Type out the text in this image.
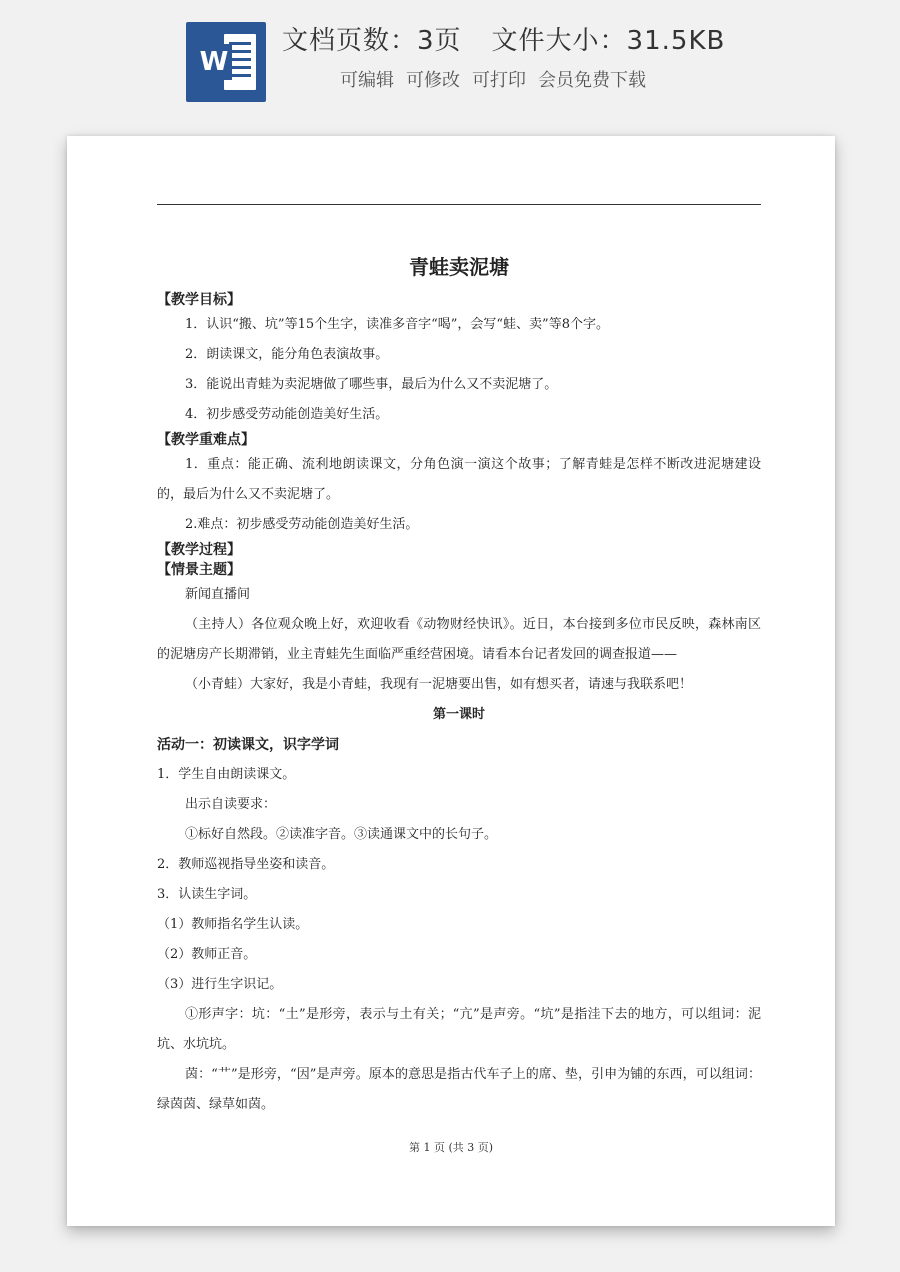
W
文档页数：3页 文件大小：31.5KB
可编辑 可修改 可打印 会员免费下载
青蛙卖泥塘

【教学目标】

1．认识“搬、坑”等15个生字，读准多音字“喝”，会写“蛙、卖”等8个字。

2．朗读课文，能分角色表演故事。

3．能说出青蛙为卖泥塘做了哪些事，最后为什么又不卖泥塘了。

4．初步感受劳动能创造美好生活。

【教学重难点】

1．重点：能正确、流利地朗读课文，分角色演一演这个故事；了解青蛙是怎样不断改进泥塘建设的，最后为什么又不卖泥塘了。

2.难点：初步感受劳动能创造美好生活。

【教学过程】

【情景主题】

新闻直播间

（主持人）各位观众晚上好，欢迎收看《动物财经快讯》。近日，本台接到多位市民反映，森林南区的泥塘房产长期滞销，业主青蛙先生面临严重经营困境。请看本台记者发回的调查报道——

（小青蛙）大家好，我是小青蛙，我现有一泥塘要出售，如有想买者，请速与我联系吧！

第一课时

活动一：初读课文，识字学词

1．学生自由朗读课文。

出示自读要求：

①标好自然段。②读准字音。③读通课文中的长句子。

2．教师巡视指导坐姿和读音。

3．认读生字词。

（1）教师指名学生认读。

（2）教师正音。

（3）进行生字识记。

①形声字：坑：“土”是形旁，表示与土有关；“亢”是声旁。“坑”是指洼下去的地方，可以组词：泥坑、水坑坑。

茵：“艹”是形旁，“因”是声旁。原本的意思是指古代车子上的席、垫，引申为铺的东西，可以组词：绿茵茵、绿草如茵。

第 1 页 (共 3 页)
